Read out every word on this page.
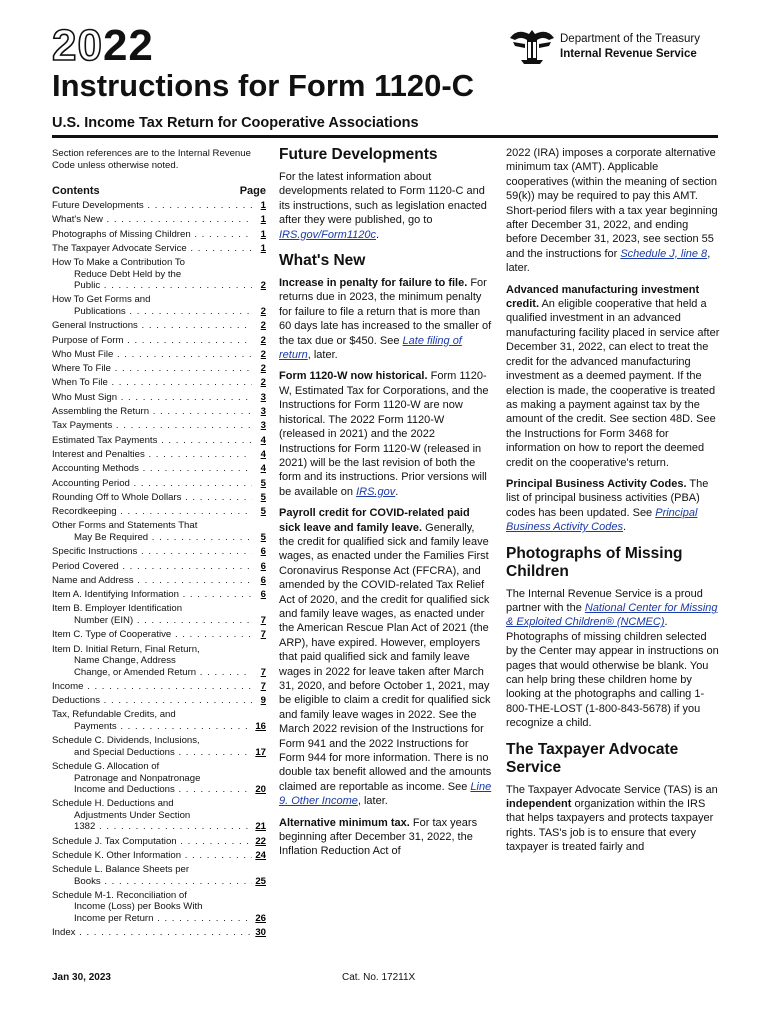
2022
Instructions for Form 1120-C
U.S. Income Tax Return for Cooperative Associations
Department of the Treasury
Internal Revenue Service
Section references are to the Internal Revenue Code unless otherwise noted.
Contents	Page
Future Developments . . .	1
What's New . . .	1
Photographs of Missing Children . . .	1
The Taxpayer Advocate Service . . .	1
How To Make a Contribution To
Reduce Debt Held by the
Public . . .	2
How To Get Forms and
Publications . . .	2
General Instructions . . .	2
Purpose of Form . . .	2
Who Must File . . .	2
Where To File . . .	2
When To File . . .	2
Who Must Sign . . .	3
Assembling the Return . . .	3
Tax Payments . . .	3
Estimated Tax Payments . . .	4
Interest and Penalties . . .	4
Accounting Methods . . .	4
Accounting Period . . .	5
Rounding Off to Whole Dollars . . .	5
Recordkeeping . . .	5
Other Forms and Statements That
May Be Required . . .	5
Specific Instructions . . .	6
Period Covered . . .	6
Name and Address . . .	6
Item A. Identifying Information . . .	6
Item B. Employer Identification
Number (EIN) . . .	7
Item C. Type of Cooperative . . .	7
Item D. Initial Return, Final Return,
Name Change, Address
Change, or Amended Return . . .	7
Income . . .	7
Deductions . . .	9
Tax, Refundable Credits, and
Payments . . .	16
Schedule C. Dividends, Inclusions,
and Special Deductions . . .	17
Schedule G. Allocation of
Patronage and Nonpatronage
Income and Deductions . . .	20
Schedule H. Deductions and
Adjustments Under Section
1382 . . .	21
Schedule J. Tax Computation . . .	22
Schedule K. Other Information . . .	24
Schedule L. Balance Sheets per
Books . . .	25
Schedule M-1. Reconciliation of
Income (Loss) per Books With
Income per Return . . .	26
Index . . .	30
Future Developments
For the latest information about developments related to Form 1120-C and its instructions, such as legislation enacted after they were published, go to IRS.gov/Form1120c.
What's New
Increase in penalty for failure to file. For returns due in 2023, the minimum penalty for failure to file a return that is more than 60 days late has increased to the smaller of the tax due or $450. See Late filing of return, later.
Form 1120-W now historical. Form 1120-W, Estimated Tax for Corporations, and the Instructions for Form 1120-W are now historical. The 2022 Form 1120-W (released in 2021) and the 2022 Instructions for Form 1120-W (released in 2021) will be the last revision of both the form and its instructions. Prior versions will be available on IRS.gov.
Payroll credit for COVID-related paid sick leave and family leave. Generally, the credit for qualified sick and family leave wages, as enacted under the Families First Coronavirus Response Act (FFCRA), and amended by the COVID-related Tax Relief Act of 2020, and the credit for qualified sick and family leave wages, as enacted under the American Rescue Plan Act of 2021 (the ARP), have expired. However, employers that paid qualified sick and family leave wages in 2022 for leave taken after March 31, 2020, and before October 1, 2021, may be eligible to claim a credit for qualified sick and family leave wages in 2022. See the March 2022 revision of the Instructions for Form 941 and the 2022 Instructions for Form 944 for more information. There is no double tax benefit allowed and the amounts claimed are reportable as income. See Line 9. Other Income, later.
Alternative minimum tax. For tax years beginning after December 31, 2022, the Inflation Reduction Act of
2022 (IRA) imposes a corporate alternative minimum tax (AMT). Applicable cooperatives (within the meaning of section 59(k)) may be required to pay this AMT. Short-period filers with a tax year beginning after December 31, 2022, and ending before December 31, 2023, see section 55 and the instructions for Schedule J, line 8, later.
Advanced manufacturing investment credit. An eligible cooperative that held a qualified investment in an advanced manufacturing facility placed in service after December 31, 2022, can elect to treat the credit for the advanced manufacturing investment as a deemed payment. If the election is made, the cooperative is treated as making a payment against tax by the amount of the credit. See section 48D. See the Instructions for Form 3468 for information on how to report the deemed credit on the cooperative's return.
Principal Business Activity Codes. The list of principal business activities (PBA) codes has been updated. See Principal Business Activity Codes.
Photographs of Missing Children
The Internal Revenue Service is a proud partner with the National Center for Missing & Exploited Children® (NCMEC). Photographs of missing children selected by the Center may appear in instructions on pages that would otherwise be blank. You can help bring these children home by looking at the photographs and calling 1-800-THE-LOST (1-800-843-5678) if you recognize a child.
The Taxpayer Advocate Service
The Taxpayer Advocate Service (TAS) is an independent organization within the IRS that helps taxpayers and protects taxpayer rights. TAS's job is to ensure that every taxpayer is treated fairly and
Jan 30, 2023	Cat. No. 17211X
